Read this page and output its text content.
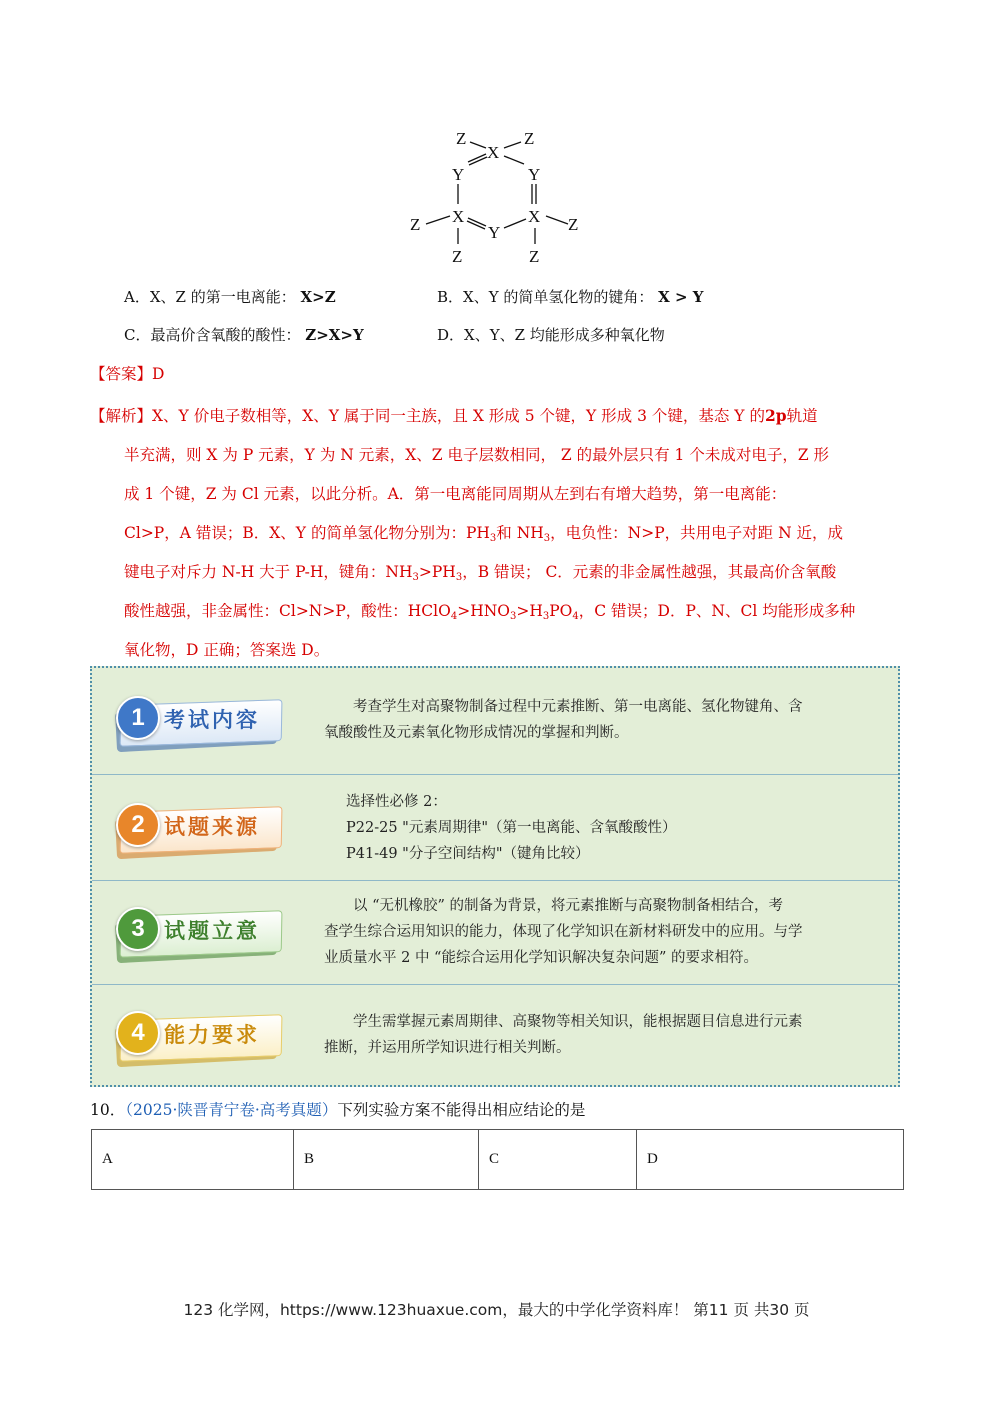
X
Z	Z
Y	Y
X	X
Y
Z	Z
Z	Z
A．X、Z 的第一电离能： X>Z	B．X、Y 的简单氢化物的键角： X > Y
C．最高价含氧酸的酸性： Z>X>Y	D．X、Y、Z 均能形成多种氧化物
【答案】D
【解析】X、Y 价电子数相等，X、Y 属于同一主族，且 X 形成 5 个键，Y 形成 3 个键，基态 Y 的2p轨道
半充满，则 X 为 P 元素，Y 为 N 元素，X、Z 电子层数相同， Z 的最外层只有 1 个未成对电子，Z 形
成 1 个键，Z 为 Cl 元素，以此分析。A．第一电离能同周期从左到右有增大趋势，第一电离能：
Cl>P，A 错误；B．X、Y 的简单氢化物分别为：$PH_3$和 $NH_3$，电负性：N>P，共用电子对距 N 近，成
键电子对斥力 N-H 大于 P-H，键角：$NH_3>PH_3$，B 错误； C．元素的非金属性越强，其最高价含氧酸
酸性越强，非金属性：Cl>N>P，酸性：$HClO_4>HNO_3>H_3PO_4$，C 错误；D．P、N、Cl 均能形成多种
氧化物，D 正确；答案选 D。
1 考试内容
　　考查学生对高聚物制备过程中元素推断、第一电离能、氢化物键角、含
氧酸酸性及元素氧化物形成情况的掌握和判断。
2 试题来源
选择性必修 2：
P22-25 "元素周期律"（第一电离能、含氧酸酸性）
P41-49 "分子空间结构"（键角比较）
3 试题立意
　　以 “无机橡胶” 的制备为背景，将元素推断与高聚物制备相结合，考
查学生综合运用知识的能力，体现了化学知识在新材料研发中的应用。与学
业质量水平 2 中 “能综合运用化学知识解决复杂问题” 的要求相符。
4 能力要求
　　学生需掌握元素周期律、高聚物等相关知识，能根据题目信息进行元素
推断，并运用所学知识进行相关判断。
10．（2025·陕晋青宁卷·高考真题）下列实验方案不能得出相应结论的是
A	B	C	D
123 化学网，https://www.123huaxue.com，最大的中学化学资料库！ 第11 页 共30 页
